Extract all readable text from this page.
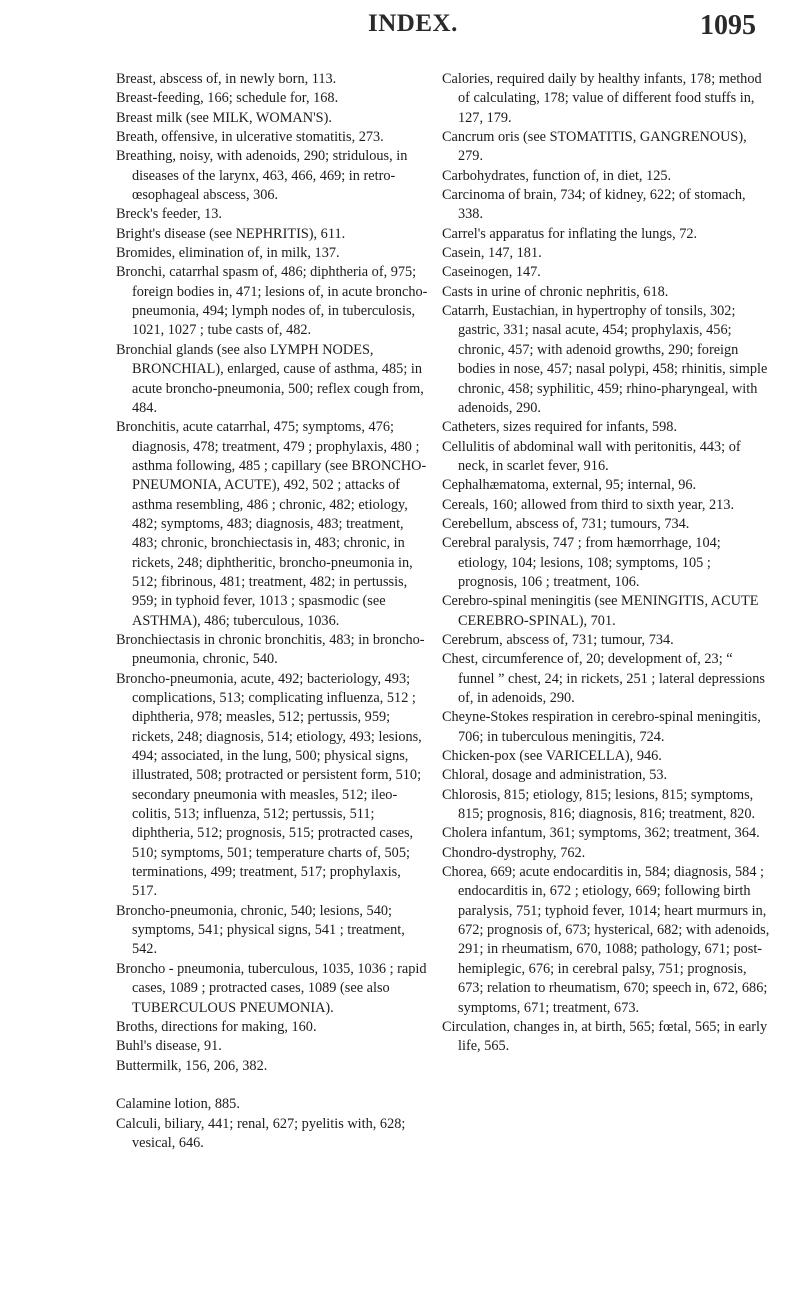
INDEX.	1095

Breast, abscess of, in newly born, 113.

Breast-feeding, 166; schedule for, 168.

Breast milk (see MILK, WOMAN'S).

Breath, offensive, in ulcerative stomatitis, 273.

Breathing, noisy, with adenoids, 290; stridulous, in diseases of the larynx, 463, 466, 469; in retro-œsophageal abscess, 306.

Breck's feeder, 13.

Bright's disease (see NEPHRITIS), 611.

Bromides, elimination of, in milk, 137.

Bronchi, catarrhal spasm of, 486; diphtheria of, 975; foreign bodies in, 471; lesions of, in acute broncho-pneumonia, 494; lymph nodes of, in tuberculosis, 1021, 1027 ; tube casts of, 482.

Bronchial glands (see also LYMPH NODES, BRONCHIAL), enlarged, cause of asthma, 485; in acute broncho-pneumonia, 500; reflex cough from, 484.

Bronchitis, acute catarrhal, 475; symptoms, 476; diagnosis, 478; treatment, 479 ; prophylaxis, 480 ; asthma following, 485 ; capillary (see BRONCHO-PNEUMONIA, ACUTE), 492, 502 ; attacks of asthma resembling, 486 ; chronic, 482; etiology, 482; symptoms, 483; diagnosis, 483; treatment, 483; chronic, bronchiectasis in, 483; chronic, in rickets, 248; diphtheritic, broncho-pneumonia in, 512; fibrinous, 481; treatment, 482; in pertussis, 959; in typhoid fever, 1013 ; spasmodic (see ASTHMA), 486; tuberculous, 1036.

Bronchiectasis in chronic bronchitis, 483; in broncho-pneumonia, chronic, 540.

Broncho-pneumonia, acute, 492; bacteriology, 493; complications, 513; complicating influenza, 512 ; diphtheria, 978; measles, 512; pertussis, 959; rickets, 248; diagnosis, 514; etiology, 493; lesions, 494; associated, in the lung, 500; physical signs, illustrated, 508; protracted or persistent form, 510; secondary pneumonia with measles, 512; ileo-colitis, 513; influenza, 512; pertussis, 511; diphtheria, 512; prognosis, 515; protracted cases, 510; symptoms, 501; temperature charts of, 505; terminations, 499; treatment, 517; prophylaxis, 517.

Broncho-pneumonia, chronic, 540; lesions, 540; symptoms, 541; physical signs, 541 ; treatment, 542.

Broncho - pneumonia, tuberculous, 1035, 1036 ; rapid cases, 1089 ; protracted cases, 1089 (see also TUBERCULOUS PNEUMONIA).

Broths, directions for making, 160.

Buhl's disease, 91.

Buttermilk, 156, 206, 382.

Calamine lotion, 885.

Calculi, biliary, 441; renal, 627; pyelitis with, 628; vesical, 646.

Calories, required daily by healthy infants, 178; method of calculating, 178; value of different food stuffs in, 127, 179.

Cancrum oris (see STOMATITIS, GANGRENOUS), 279.

Carbohydrates, function of, in diet, 125.

Carcinoma of brain, 734; of kidney, 622; of stomach, 338.

Carrel's apparatus for inflating the lungs, 72.

Casein, 147, 181.

Caseinogen, 147.

Casts in urine of chronic nephritis, 618.

Catarrh, Eustachian, in hypertrophy of tonsils, 302; gastric, 331; nasal acute, 454; prophylaxis, 456; chronic, 457; with adenoid growths, 290; foreign bodies in nose, 457; nasal polypi, 458; rhinitis, simple chronic, 458; syphilitic, 459; rhino-pharyngeal, with adenoids, 290.

Catheters, sizes required for infants, 598.

Cellulitis of abdominal wall with peritonitis, 443; of neck, in scarlet fever, 916.

Cephalhæmatoma, external, 95; internal, 96.

Cereals, 160; allowed from third to sixth year, 213.

Cerebellum, abscess of, 731; tumours, 734.

Cerebral paralysis, 747 ; from hæmorrhage, 104; etiology, 104; lesions, 108; symptoms, 105 ; prognosis, 106 ; treatment, 106.

Cerebro-spinal meningitis (see MENINGITIS, ACUTE CEREBRO-SPINAL), 701.

Cerebrum, abscess of, 731; tumour, 734.

Chest, circumference of, 20; development of, 23; “ funnel ” chest, 24; in rickets, 251 ; lateral depressions of, in adenoids, 290.

Cheyne-Stokes respiration in cerebro-spinal meningitis, 706; in tuberculous meningitis, 724.

Chicken-pox (see VARICELLA), 946.

Chloral, dosage and administration, 53.

Chlorosis, 815; etiology, 815; lesions, 815; symptoms, 815; prognosis, 816; diagnosis, 816; treatment, 820.

Cholera infantum, 361; symptoms, 362; treatment, 364.

Chondro-dystrophy, 762.

Chorea, 669; acute endocarditis in, 584; diagnosis, 584 ; endocarditis in, 672 ; etiology, 669; following birth paralysis, 751; typhoid fever, 1014; heart murmurs in, 672; prognosis of, 673; hysterical, 682; with adenoids, 291; in rheumatism, 670, 1088; pathology, 671; post-hemiplegic, 676; in cerebral palsy, 751; prognosis, 673; relation to rheumatism, 670; speech in, 672, 686; symptoms, 671; treatment, 673.

Circulation, changes in, at birth, 565; fœtal, 565; in early life, 565.
